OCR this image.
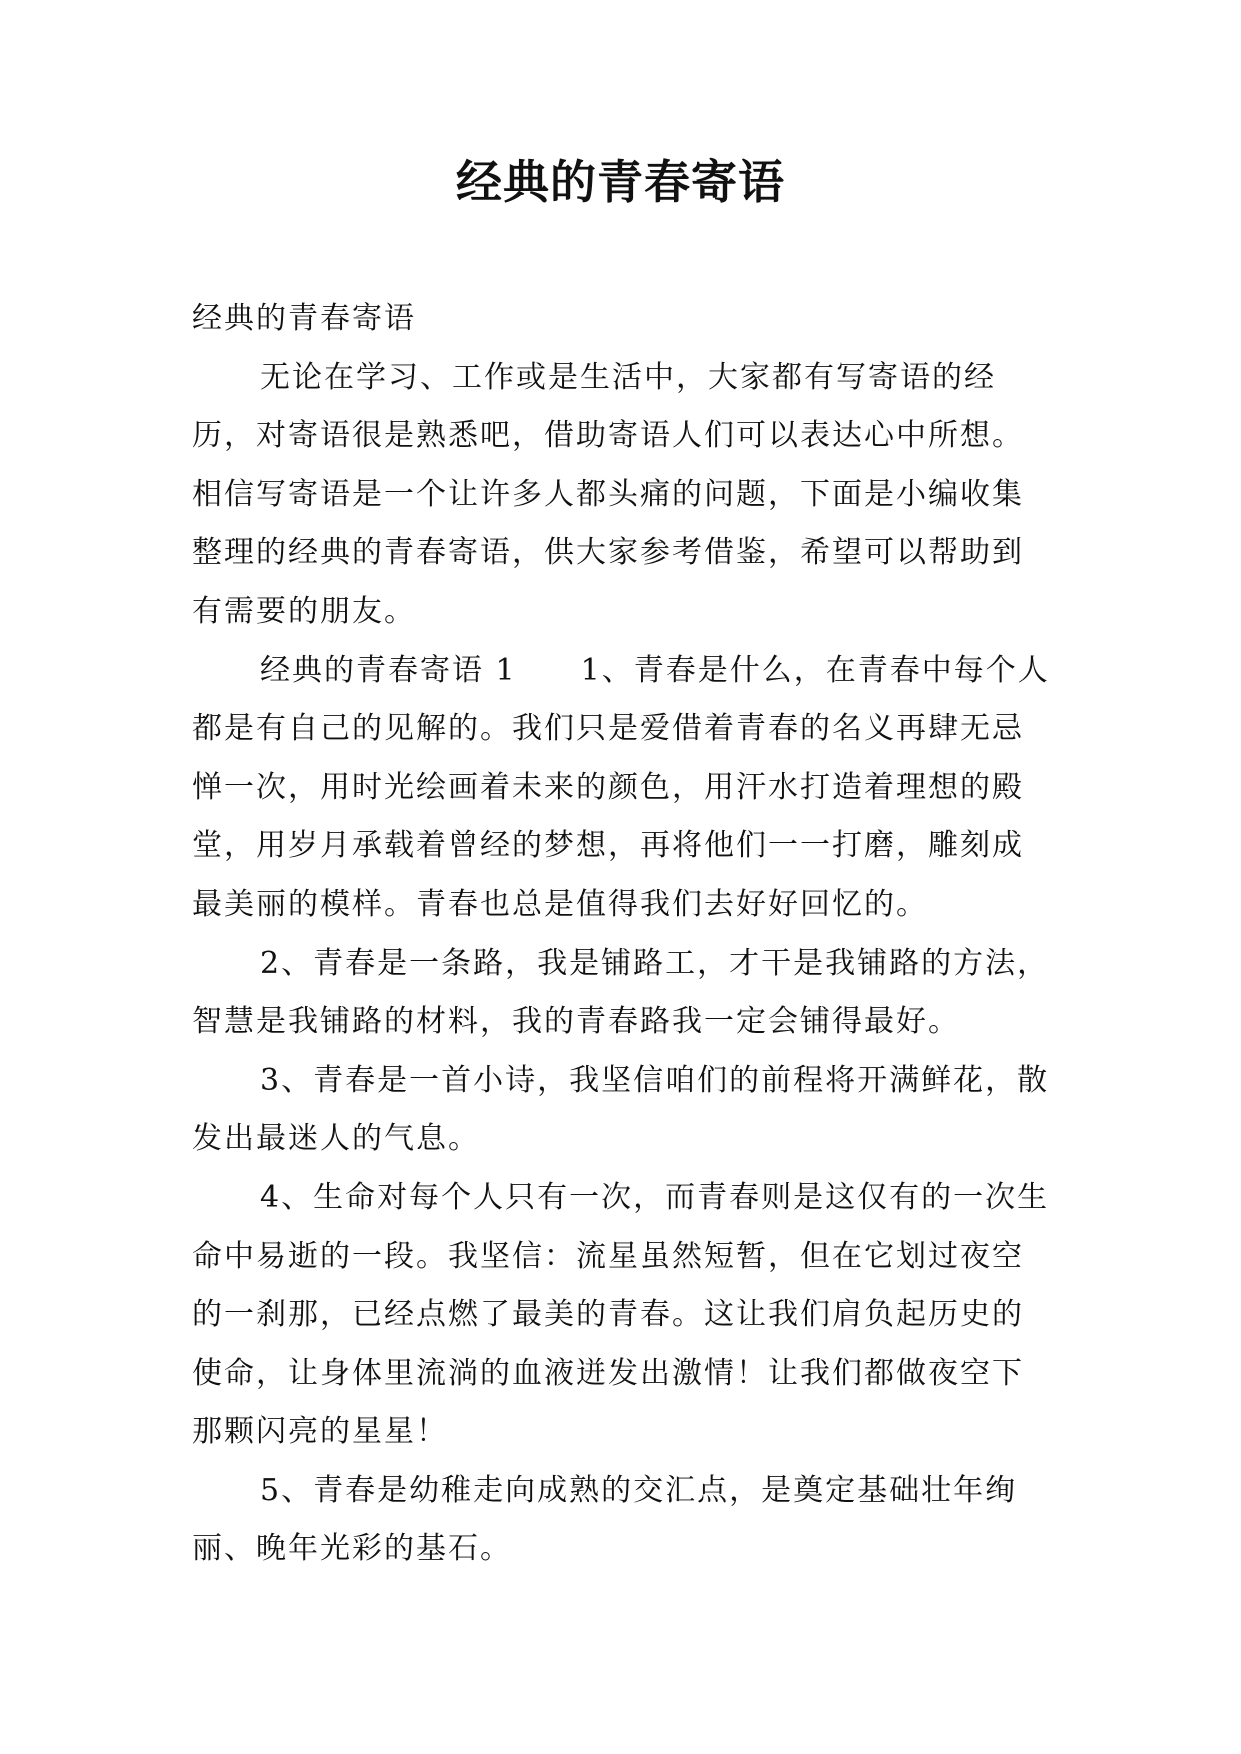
经典的青春寄语

经典的青春寄语

无论在学习、工作或是生活中，大家都有写寄语的经历，对寄语很是熟悉吧，借助寄语人们可以表达心中所想。相信写寄语是一个让许多人都头痛的问题，下面是小编收集整理的经典的青春寄语，供大家参考借鉴，希望可以帮助到有需要的朋友。

经典的青春寄语 1　　1、青春是什么，在青春中每个人都是有自己的见解的。我们只是爱借着青春的名义再肆无忌惮一次，用时光绘画着未来的颜色，用汗水打造着理想的殿堂，用岁月承载着曾经的梦想，再将他们一一打磨，雕刻成最美丽的模样。青春也总是值得我们去好好回忆的。

2、青春是一条路，我是铺路工，才干是我铺路的方法，智慧是我铺路的材料，我的青春路我一定会铺得最好。

3、青春是一首小诗，我坚信咱们的前程将开满鲜花，散发出最迷人的气息。

4、生命对每个人只有一次，而青春则是这仅有的一次生命中易逝的一段。我坚信：流星虽然短暂，但在它划过夜空的一刹那，已经点燃了最美的青春。这让我们肩负起历史的使命，让身体里流淌的血液迸发出激情！让我们都做夜空下那颗闪亮的星星！

5、青春是幼稚走向成熟的交汇点，是奠定基础壮年绚丽、晚年光彩的基石。
